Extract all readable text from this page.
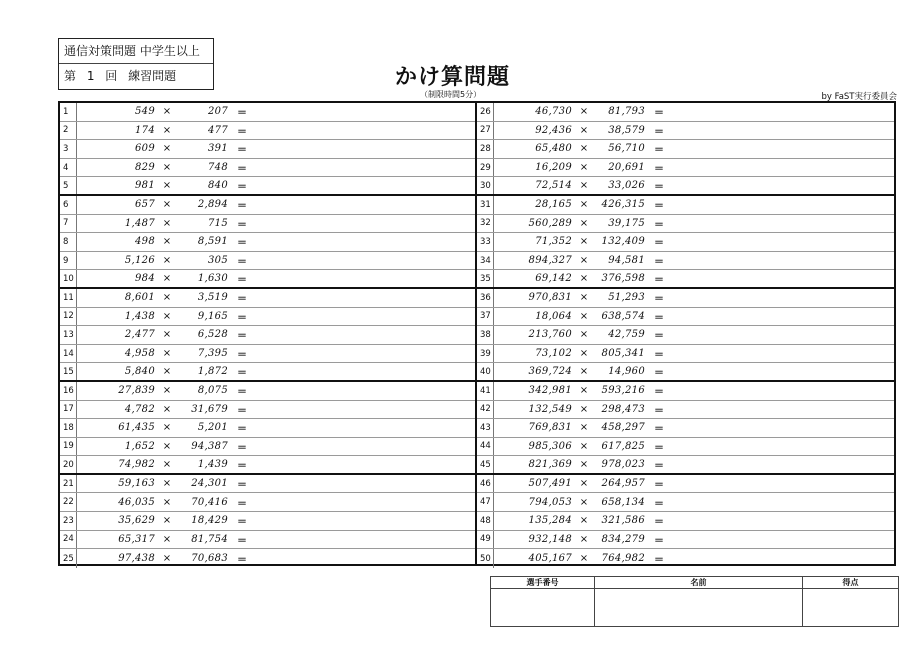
通信対策問題 中学生以上
第 1 回 練習問題	かけ算問題
（制限時間5分）	by FaST実行委員会
1	549 ×	207 ＝
2	174 ×	477 ＝
3	609 ×	391 ＝
4	829 ×	748 ＝
5	981 ×	840 ＝
6	657 ×	2,894 ＝
7	1,487 ×	715 ＝
8	498 ×	8,591 ＝
9	5,126 ×	305 ＝
10	984 ×	1,630 ＝
11	8,601 ×	3,519 ＝
12	1,438 ×	9,165 ＝
13	2,477 ×	6,528 ＝
14	4,958 ×	7,395 ＝
15	5,840 ×	1,872 ＝
16	27,839 ×	8,075 ＝
17	4,782 ×	31,679 ＝
18	61,435 ×	5,201 ＝
19	1,652 ×	94,387 ＝
20	74,982 ×	1,439 ＝
21	59,163 ×	24,301 ＝
22	46,035 ×	70,416 ＝
23	35,629 ×	18,429 ＝
24	65,317 ×	81,754 ＝
25	97,438 ×	70,683 ＝
26	46,730 ×	81,793 ＝
27	92,436 ×	38,579 ＝
28	65,480 ×	56,710 ＝
29	16,209 ×	20,691 ＝
30	72,514 ×	33,026 ＝
31	28,165 ×	426,315 ＝
32	560,289 ×	39,175 ＝
33	71,352 ×	132,409 ＝
34	894,327 ×	94,581 ＝
35	69,142 ×	376,598 ＝
36	970,831 ×	51,293 ＝
37	18,064 ×	638,574 ＝
38	213,760 ×	42,759 ＝
39	73,102 ×	805,341 ＝
40	369,724 ×	14,960 ＝
41	342,981 ×	593,216 ＝
42	132,549 ×	298,473 ＝
43	769,831 ×	458,297 ＝
44	985,306 ×	617,825 ＝
45	821,369 ×	978,023 ＝
46	507,491 ×	264,957 ＝
47	794,053 ×	658,134 ＝
48	135,284 ×	321,586 ＝
49	932,148 ×	834,279 ＝
50	405,167 ×	764,982 ＝
選手番号	名前	得点
